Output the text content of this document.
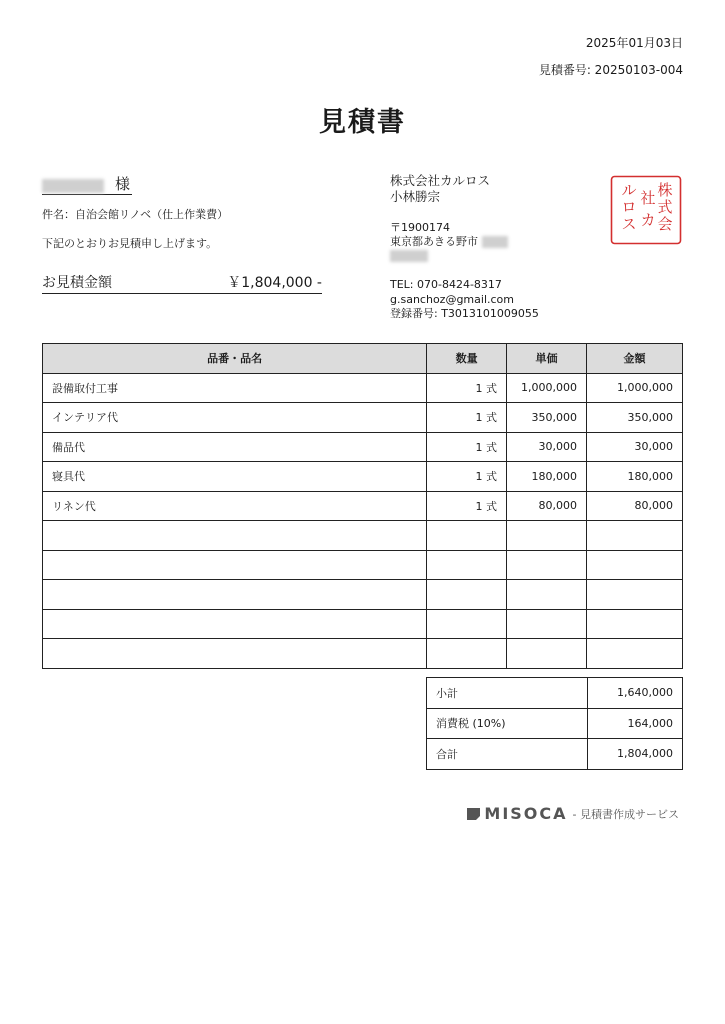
2025年01月03日
見積番号: 20250103-004
見積書
様
件名：自治会館リノベ（仕上作業費）
下記のとおりお見積申し上げます。
お見積金額	￥1,804,000 -
株式会社カルロス
小林勝宗
〒1900174
東京都あきる野市
TEL: 070-8424-8317
g.sanchoz@gmail.com
登録番号: T3013101009055
株
式
会
社
カ
ル
ロ
ス
品番・品名	数量	単価	金額
設備取付工事	1 式	1,000,000	1,000,000
インテリア代	1 式	350,000	350,000
備品代	1 式	30,000	30,000
寝具代	1 式	180,000	180,000
リネン代	1 式	80,000	80,000

小計	1,640,000
消費税 (10%)	164,000
合計	1,804,000
MISOCA - 見積書作成サービス
